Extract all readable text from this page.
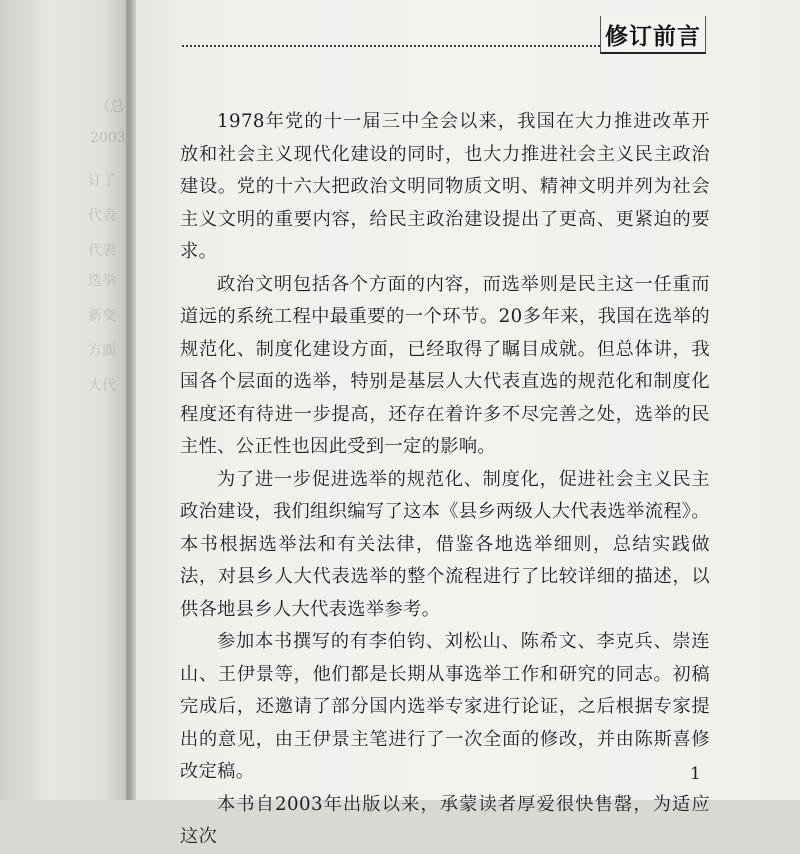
（总
2003
订了
代表
代表
选举
新变
方面
大代
修订前言

1978年党的十一届三中全会以来，我国在大力推进改革开放和社会主义现代化建设的同时，也大力推进社会主义民主政治建设。党的十六大把政治文明同物质文明、精神文明并列为社会主义文明的重要内容，给民主政治建设提出了更高、更紧迫的要求。

政治文明包括各个方面的内容，而选举则是民主这一任重而道远的系统工程中最重要的一个环节。20多年来，我国在选举的规范化、制度化建设方面，已经取得了瞩目成就。但总体讲，我国各个层面的选举，特别是基层人大代表直选的规范化和制度化程度还有待进一步提高，还存在着许多不尽完善之处，选举的民主性、公正性也因此受到一定的影响。

为了进一步促进选举的规范化、制度化，促进社会主义民主政治建设，我们组织编写了这本《县乡两级人大代表选举流程》。本书根据选举法和有关法律，借鉴各地选举细则，总结实践做法，对县乡人大代表选举的整个流程进行了比较详细的描述，以供各地县乡人大代表选举参考。

参加本书撰写的有李伯钧、刘松山、陈希文、李克兵、崇连山、王伊景等，他们都是长期从事选举工作和研究的同志。初稿完成后，还邀请了部分国内选举专家进行论证，之后根据专家提出的意见，由王伊景主笔进行了一次全面的修改，并由陈斯喜修改定稿。

本书自2003年出版以来，承蒙读者厚爱很快售罄，为适应这次

1
